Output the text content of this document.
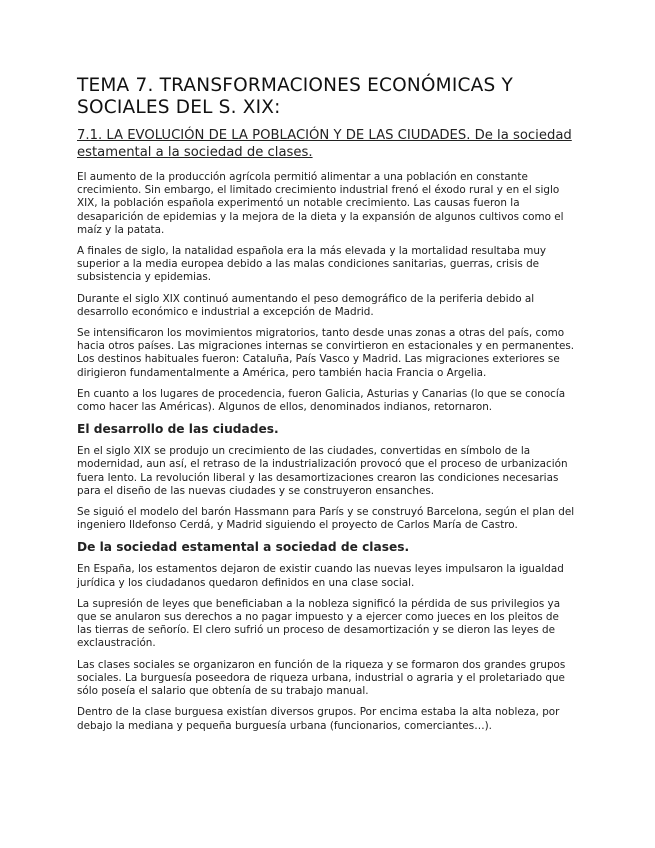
TEMA 7. TRANSFORMACIONES ECONÓMICAS Y SOCIALES DEL S. XIX:

7.1. LA EVOLUCIÓN DE LA POBLACIÓN Y DE LAS CIUDADES. De la sociedad estamental a la sociedad de clases.

El aumento de la producción agrícola permitió alimentar a una población en constante crecimiento. Sin embargo, el limitado crecimiento industrial frenó el éxodo rural y en el siglo XIX, la población española experimentó un notable crecimiento. Las causas fueron la desaparición de epidemias y la mejora de la dieta y la expansión de algunos cultivos como el maíz y la patata.

A finales de siglo, la natalidad española era la más elevada y la mortalidad resultaba muy superior a la media europea debido a las malas condiciones sanitarias, guerras, crisis de subsistencia y epidemias.

Durante el siglo XIX continuó aumentando el peso demográfico de la periferia debido al desarrollo económico e industrial a excepción de Madrid.

Se intensificaron los movimientos migratorios, tanto desde unas zonas a otras del país, como hacia otros países. Las migraciones internas se convirtieron en estacionales y en permanentes. Los destinos habituales fueron: Cataluña, País Vasco y Madrid. Las migraciones exteriores se dirigieron fundamentalmente a América, pero también hacia Francia o Argelia.

En cuanto a los lugares de procedencia, fueron Galicia, Asturias y Canarias (lo que se conocía como hacer las Américas). Algunos de ellos, denominados indianos, retornaron.

El desarrollo de las ciudades.

En el siglo XIX se produjo un crecimiento de las ciudades, convertidas en símbolo de la modernidad, aun así, el retraso de la industrialización provocó que el proceso de urbanización fuera lento. La revolución liberal y las desamortizaciones crearon las condiciones necesarias para el diseño de las nuevas ciudades y se construyeron ensanches.

Se siguió el modelo del barón Hassmann para París y se construyó Barcelona, según el plan del ingeniero Ildefonso Cerdá, y Madrid siguiendo el proyecto de Carlos María de Castro.

De la sociedad estamental a sociedad de clases.

En España, los estamentos dejaron de existir cuando las nuevas leyes impulsaron la igualdad jurídica y los ciudadanos quedaron definidos en una clase social.

La supresión de leyes que beneficiaban a la nobleza significó la pérdida de sus privilegios ya que se anularon sus derechos a no pagar impuesto y a ejercer como jueces en los pleitos de las tierras de señorío. El clero sufrió un proceso de desamortización y se dieron las leyes de exclaustración.

Las clases sociales se organizaron en función de la riqueza y se formaron dos grandes grupos sociales. La burguesía poseedora de riqueza urbana, industrial o agraria y el proletariado que sólo poseía el salario que obtenía de su trabajo manual.

Dentro de la clase burguesa existían diversos grupos. Por encima estaba la alta nobleza, por debajo la mediana y pequeña burguesía urbana (funcionarios, comerciantes…).
